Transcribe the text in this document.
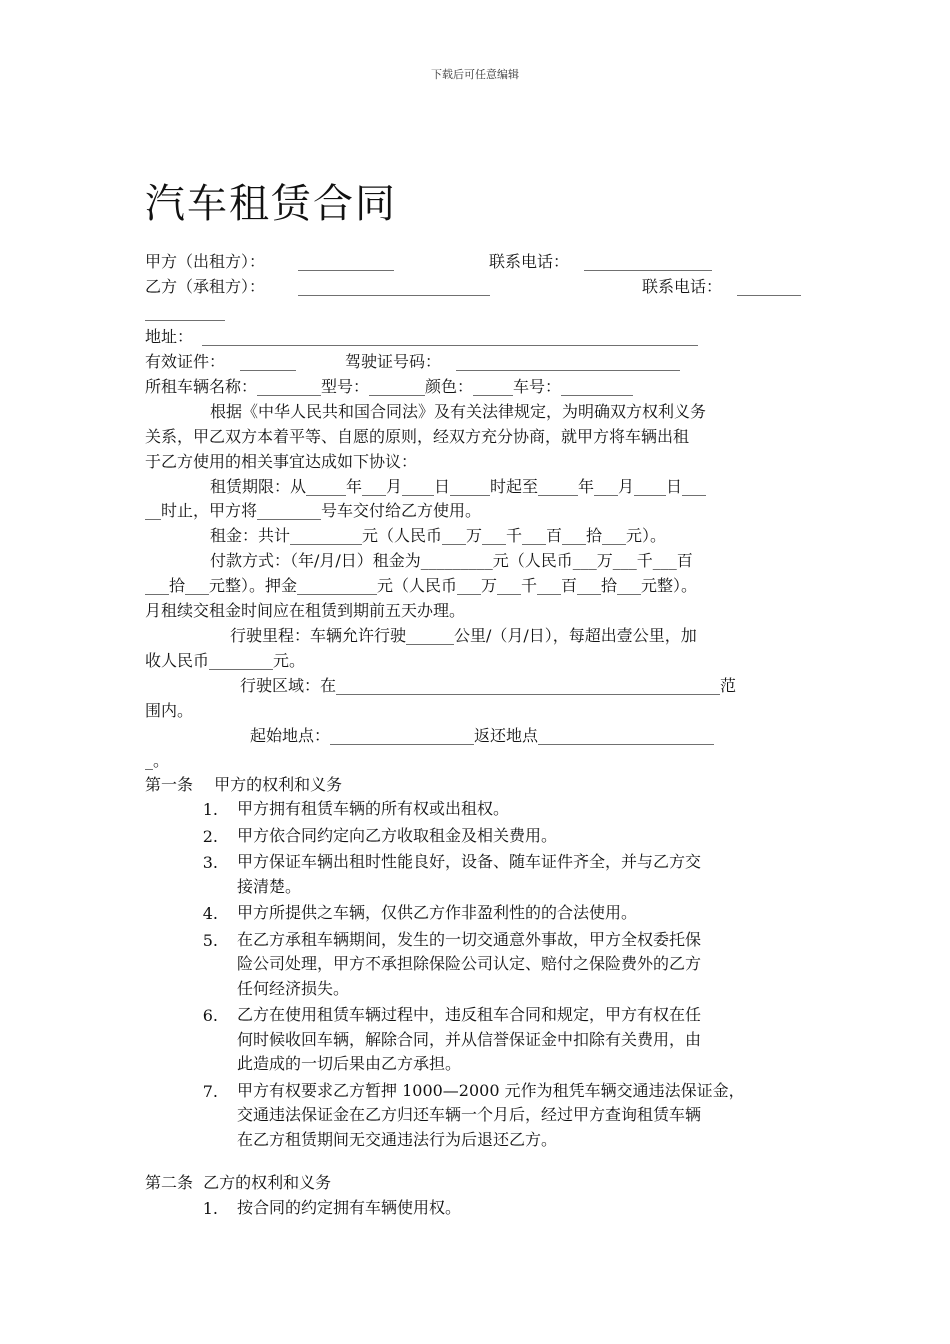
下载后可任意编辑
汽车租赁合同
甲方（出租方）： ____________	联系电话： ________________
乙方（承租方）： ________________________	联系电话： ________
__________
地址： ______________________________________________________________
有效证件： _______	驾驶证号码： ____________________________
所租车辆名称：________型号：_______颜色：_____车号：_________
根据《中华人民共和国合同法》及有关法律规定，为明确双方权利义务
关系，甲乙双方本着平等、自愿的原则，经双方充分协商，就甲方将车辆出租
于乙方使用的相关事宜达成如下协议：
租赁期限：从_____年___月____日_____时起至_____年___月____日___
__时止，甲方将________号车交付给乙方使用。
租金：共计_________元（人民币___万___千___百___拾___元）。
付款方式：（年/月/日）租金为_________元（人民币___万___千___百
___拾___元整）。押金__________元（人民币___万___千___百___拾___元整）。
月租续交租金时间应在租赁到期前五天办理。
行驶里程：车辆允许行驶______公里/（月/日），每超出壹公里，加
收人民币________元。
行驶区域：在________________________________________________范
围内。
起始地点：__________________返还地点______________________
_。
第一条　 甲方的权利和义务
1. 甲方拥有租赁车辆的所有权或出租权。
2. 甲方依合同约定向乙方收取租金及相关费用。
3. 甲方保证车辆出租时性能良好，设备、随车证件齐全，并与乙方交
接清楚。
4. 甲方所提供之车辆，仅供乙方作非盈利性的的合法使用。
5. 在乙方承租车辆期间，发生的一切交通意外事故，甲方全权委托保
险公司处理，甲方不承担除保险公司认定、赔付之保险费外的乙方
任何经济损失。
6. 乙方在使用租赁车辆过程中，违反租车合同和规定，甲方有权在任
何时候收回车辆，解除合同，并从信誉保证金中扣除有关费用，由
此造成的一切后果由乙方承担。
7. 甲方有权要求乙方暂押 1000—2000 元作为租凭车辆交通违法保证金，
交通违法保证金在乙方归还车辆一个月后，经过甲方查询租赁车辆
在乙方租赁期间无交通违法行为后退还乙方。
第二条  乙方的权利和义务
1. 按合同的约定拥有车辆使用权。
